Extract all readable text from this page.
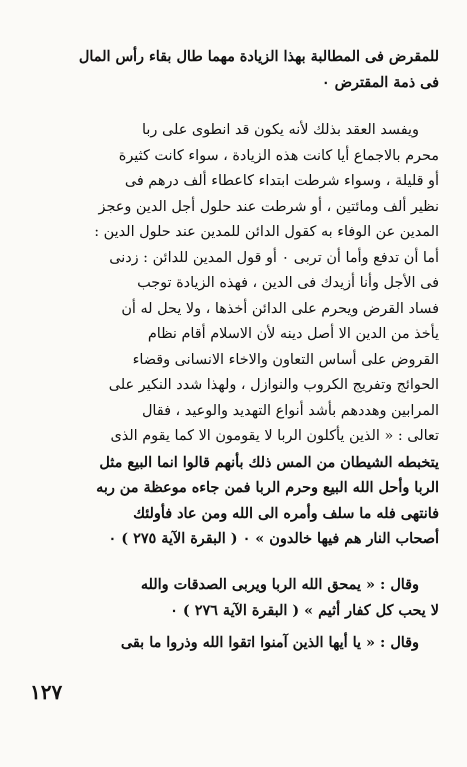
للمقرض فى المطالبة بهذا الزيادة مهما طال بقاء رأس المال
فى ذمة المقترض ٠
ويفسد العقد بذلك لأنه يكون قد انطوى على ربا
محرم بالاجماع أيا كانت هذه الزيادة ، سواء كانت كثيرة
أو قليلة ، وسواء شرطت ابتداء كاعطاء ألف درهم فى
نظير ألف ومائتين ، أو شرطت عند حلول أجل الدين وعجز
المدين عن الوفاء به كقول الدائن للمدين عند حلول الدين :
أما أن تدفع وأما أن تربى ٠ أو قول المدين للدائن : زدنى
فى الأجل وأنا أزيدك فى الدين ، فهذه الزيادة توجب
فساد القرض ويحرم على الدائن أخذها ، ولا يحل له أن
يأخذ من الدين الا أصل دينه لأن الاسلام أقام نظام
القروض على أساس التعاون والاخاء الانسانى وقضاء
الحوائج وتفريج الكروب والنوازل ، ولهذا شدد النكير على
المرابين وهددهم بأشد أنواع التهديد والوعيد ، فقال
تعالى : « الذين يأكلون الربا لا يقومون الا كما يقوم الذى
يتخبطه الشيطان من المس ذلك بأنهم قالوا انما البيع مثل
الربا وأحل الله البيع وحرم الربا فمن جاءه موعظة من ربه
فانتهى فله ما سلف وأمره الى الله ومن عاد فأولئك
أصحاب النار هم فيها خالدون » ٠ ( البقرة الآية ٢٧٥ ) ٠
وقال : « يمحق الله الربا ويربى الصدقات والله
لا يحب كل كفار أثيم » ( البقرة الآية ٢٧٦ ) ٠
وقال : « يا أيها الذين آمنوا اتقوا الله وذروا ما بقى
١٢٧
